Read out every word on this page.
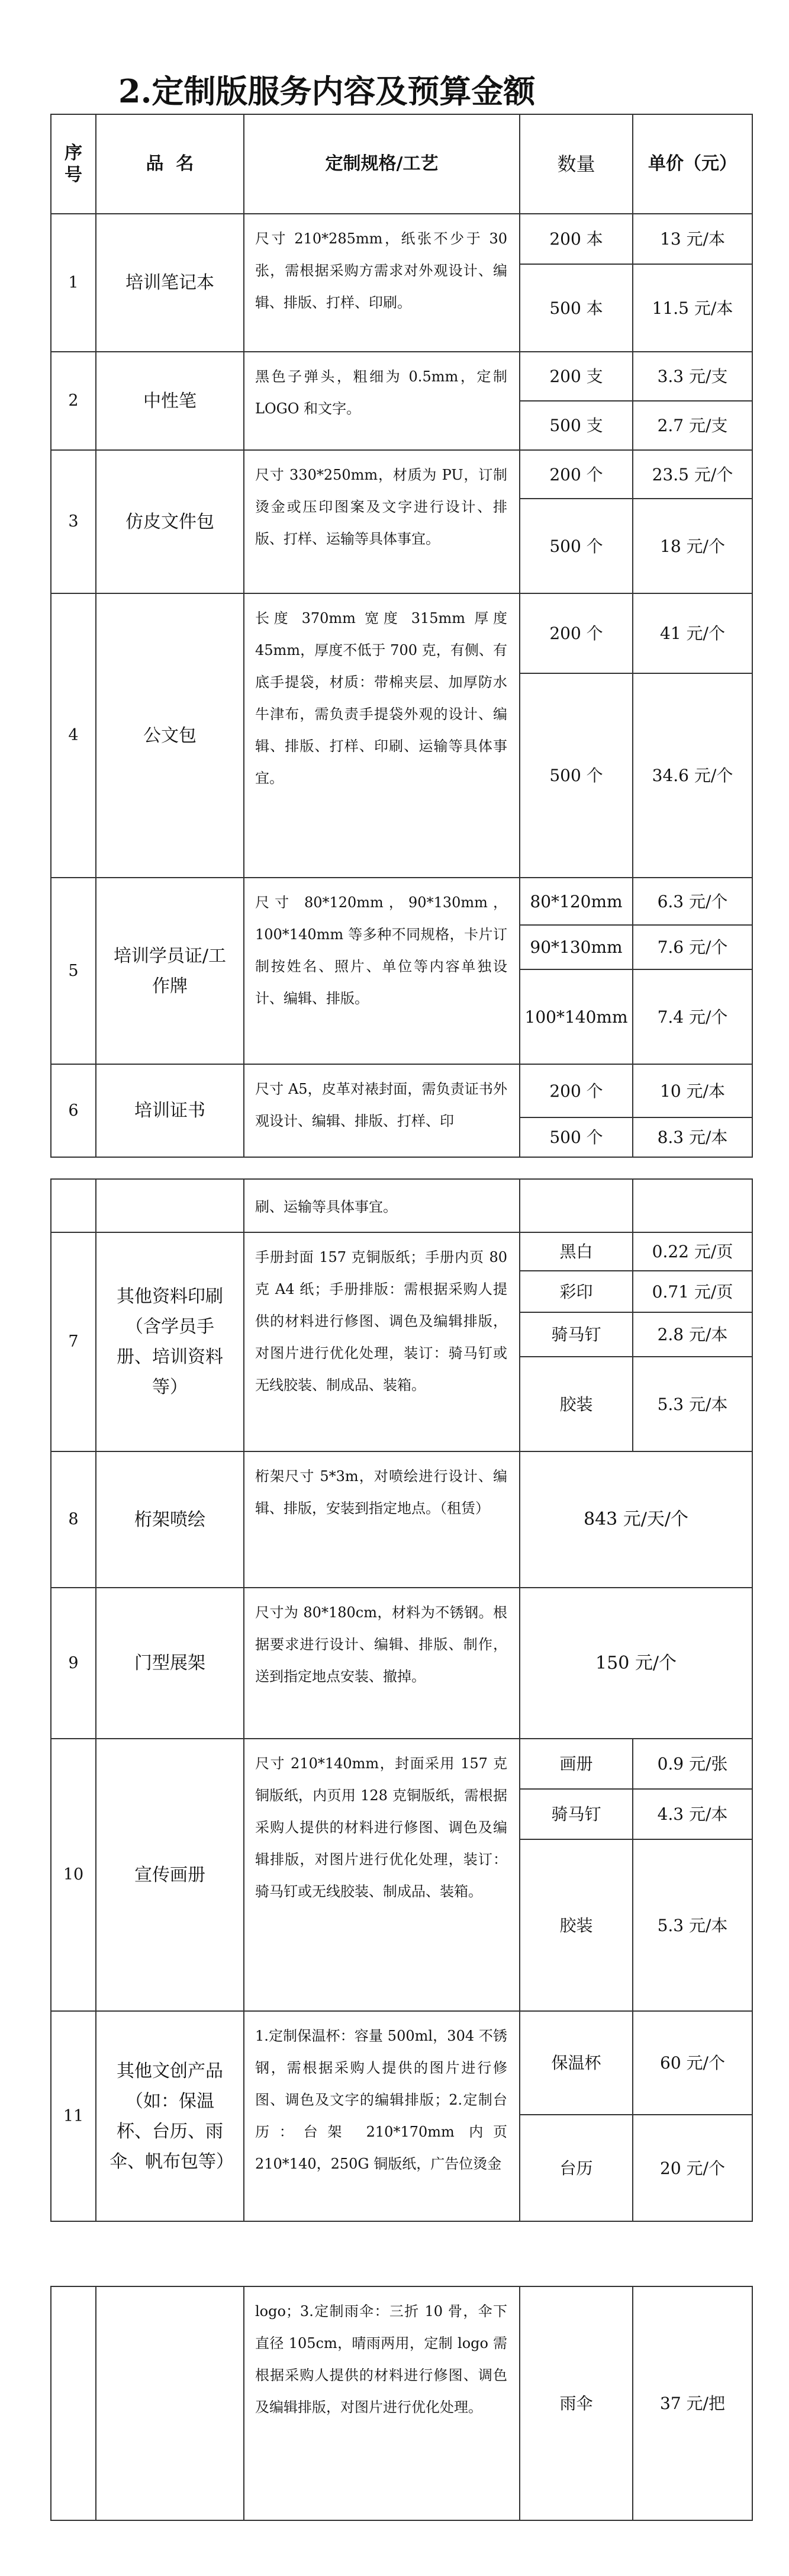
2.定制版服务内容及预算金额
序号	品  名	定制规格/工艺	数量	单价（元）
1	培训笔记本	尺寸 210*285mm，纸张不少于 30 张，需根据采购方需求对外观设计、编辑、排版、打样、印刷。	200 本	13 元/本
			500 本	11.5 元/本
2	中性笔	黑色子弹头，粗细为 0.5mm，定制 LOGO 和文字。	200 支	3.3 元/支
			500 支	2.7 元/支
3	仿皮文件包	尺寸 330*250mm，材质为 PU，订制烫金或压印图案及文字进行设计、排版、打样、运输等具体事宜。	200 个	23.5 元/个
			500 个	18 元/个
4	公文包	长度 370mm 宽度 315mm 厚度 45mm，厚度不低于 700 克，有侧、有底手提袋，材质：带棉夹层、加厚防水牛津布，需负责手提袋外观的设计、编辑、排版、打样、印刷、运输等具体事宜。	200 个	41 元/个
			500 个	34.6 元/个
5	培训学员证/工作牌	尺寸 80*120mm，90*130mm，100*140mm 等多种不同规格，卡片订制按姓名、照片、单位等内容单独设计、编辑、排版。	80*120mm	6.3 元/个
			90*130mm	7.6 元/个
			100*140mm	7.4 元/个
6	培训证书	尺寸 A5，皮革对裱封面，需负责证书外观设计、编辑、排版、打样、印	200 个	10 元/本
			500 个	8.3 元/本
		刷、运输等具体事宜。		
7	其他资料印刷（含学员手册、培训资料等）	手册封面 157 克铜版纸；手册内页 80 克 A4 纸；手册排版：需根据采购人提供的材料进行修图、调色及编辑排版，对图片进行优化处理，装订：骑马钉或无线胶装、制成品、装箱。	黑白	0.22 元/页
			彩印	0.71 元/页
			骑马钉	2.8 元/本
			胶装	5.3 元/本
8	桁架喷绘	桁架尺寸 5*3m，对喷绘进行设计、编辑、排版，安装到指定地点。（租赁）	843 元/天/个	
9	门型展架	尺寸为 80*180cm，材料为不锈钢。根据要求进行设计、编辑、排版、制作，送到指定地点安装、撤掉。	150 元/个	
10	宣传画册	尺寸 210*140mm，封面采用 157 克铜版纸，内页用 128 克铜版纸，需根据采购人提供的材料进行修图、调色及编辑排版，对图片进行优化处理，装订：骑马钉或无线胶装、制成品、装箱。	画册	0.9 元/张
			骑马钉	4.3 元/本
			胶装	5.3 元/本
11	其他文创产品（如：保温杯、台历、雨伞、帆布包等）	1.定制保温杯：容量 500ml，304 不锈钢，需根据采购人提供的图片进行修图、调色及文字的编辑排版；2.定制台历：台架 210*170mm 内页 210*140，250G 铜版纸，广告位烫金	保温杯	60 元/个
			台历	20 元/个
		logo；3.定制雨伞：三折 10 骨，伞下直径 105cm，晴雨两用，定制 logo 需根据采购人提供的材料进行修图、调色及编辑排版，对图片进行优化处理。	雨伞	37 元/把
